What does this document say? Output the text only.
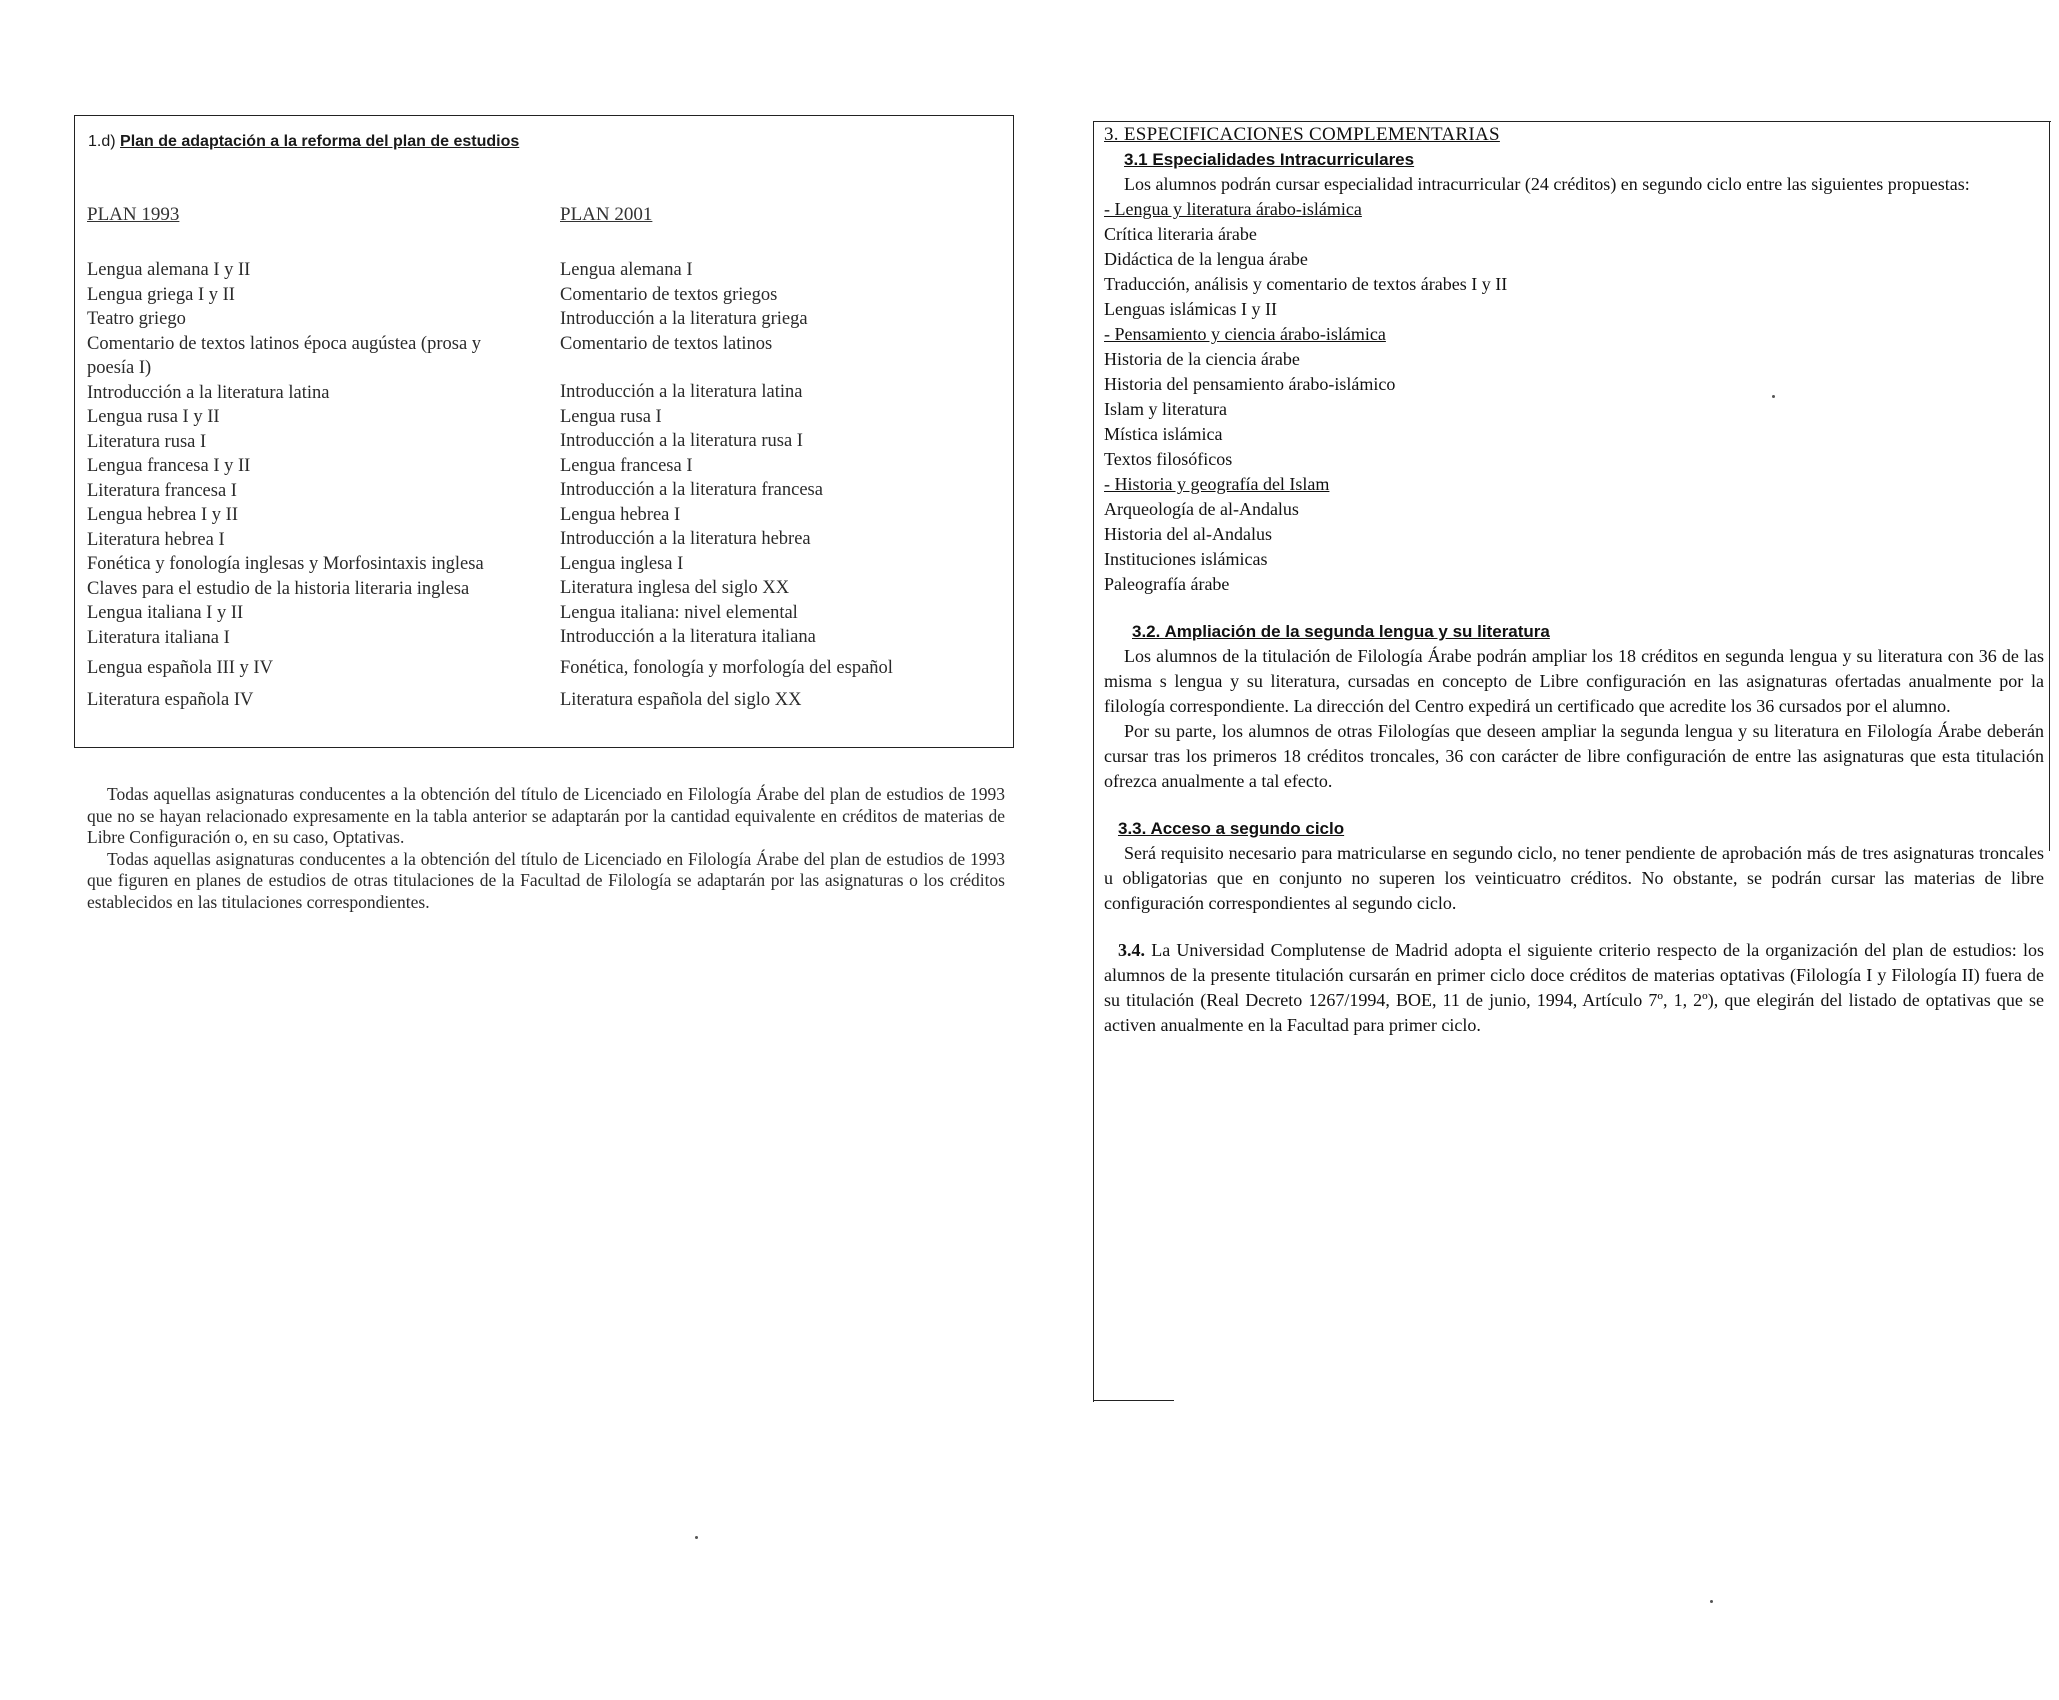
1.d) Plan de adaptación a la reforma del plan de estudios
PLAN 1993	PLAN 2001
Lengua alemana I y II
Lengua griega I y II
Teatro griego
Comentario de textos latinos época augústea (prosa y poesía I)
Introducción a la literatura latina
Lengua rusa I y II
Literatura rusa I
Lengua francesa I y II
Literatura francesa I
Lengua hebrea I y II
Literatura hebrea I
Fonética y fonología inglesas y Morfosintaxis inglesa
Claves para el estudio de la historia literaria inglesa
Lengua italiana I y II
Literatura italiana I
Lengua española III y IV
Literatura española IV
Lengua alemana I
Comentario de textos griegos
Introducción a la literatura griega
Comentario de textos latinos
Introducción a la literatura latina
Lengua rusa I
Introducción a la literatura rusa I
Lengua francesa I
Introducción a la literatura francesa
Lengua hebrea I
Introducción a la literatura hebrea
Lengua inglesa I
Literatura inglesa del siglo XX
Lengua italiana: nivel elemental
Introducción a la literatura italiana
Fonética, fonología y morfología del español
Literatura española del siglo XX

Todas aquellas asignaturas conducentes a la obtención del título de Licenciado en Filología Árabe del plan de estudios de 1993 que no se hayan relacionado expresamente en la tabla anterior se adaptarán por la cantidad equivalente en créditos de materias de Libre Configuración o, en su caso, Optativas.

Todas aquellas asignaturas conducentes a la obtención del título de Licenciado en Filología Árabe del plan de estudios de 1993 que figuren en planes de estudios de otras titulaciones de la Facultad de Filología se adaptarán por las asignaturas o los créditos establecidos en las titulaciones correspondientes.

3. ESPECIFICACIONES COMPLEMENTARIAS
3.1 Especialidades Intracurriculares
Los alumnos podrán cursar especialidad intracurricular (24 créditos) en segundo ciclo entre las siguientes propuestas:
- Lengua y literatura árabo-islámica
Crítica literaria árabe
Didáctica de la lengua árabe
Traducción, análisis y comentario de textos árabes I y II
Lenguas islámicas I y II
- Pensamiento y ciencia árabo-islámica
Historia de la ciencia árabe
Historia del pensamiento árabo-islámico
Islam y literatura
Mística islámica
Textos filosóficos
- Historia y geografía del Islam
Arqueología de al-Andalus
Historia del al-Andalus
Instituciones islámicas
Paleografía árabe
3.2. Ampliación de la segunda lengua y su literatura
Los alumnos de la titulación de Filología Árabe podrán ampliar los 18 créditos en segunda lengua y su literatura con 36 de las misma s lengua y su literatura, cursadas en concepto de Libre configuración en las asignaturas ofertadas anualmente por la filología correspondiente. La dirección del Centro expedirá un certificado que acredite los 36 cursados por el alumno.
Por su parte, los alumnos de otras Filologías que deseen ampliar la segunda lengua y su literatura en Filología Árabe deberán cursar tras los primeros 18 créditos troncales, 36 con carácter de libre configuración de entre las asignaturas que esta titulación ofrezca anualmente a tal efecto.
3.3. Acceso a segundo ciclo
Será requisito necesario para matricularse en segundo ciclo, no tener pendiente de aprobación más de tres asignaturas troncales u obligatorias que en conjunto no superen los veinticuatro créditos. No obstante, se podrán cursar las materias de libre configuración correspondientes al segundo ciclo.
3.4. La Universidad Complutense de Madrid adopta el siguiente criterio respecto de la organización del plan de estudios: los alumnos de la presente titulación cursarán en primer ciclo doce créditos de materias optativas (Filología I y Filología II) fuera de su titulación (Real Decreto 1267/1994, BOE, 11 de junio, 1994, Artículo 7º, 1, 2º), que elegirán del listado de optativas que se activen anualmente en la Facultad para primer ciclo.
